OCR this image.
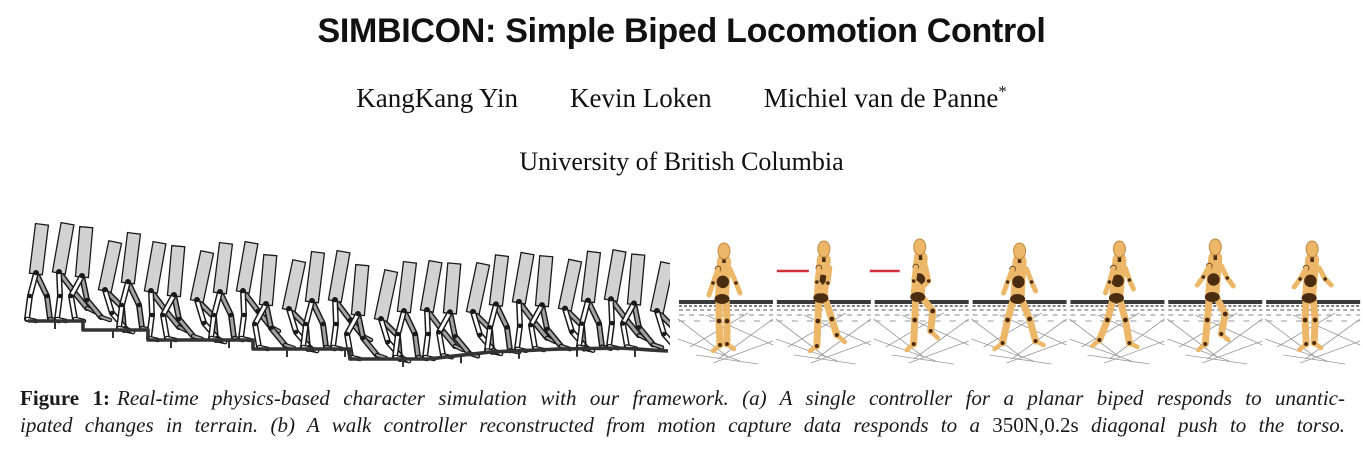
SIMBICON: Simple Biped Locomotion Control
KangKang Yin Kevin Loken Michiel van de Panne*
University of British Columbia
Figure 1: Real-time physics-based character simulation with our framework. (a) A single controller for a planar biped responds to unantic-
ipated changes in terrain. (b) A walk controller reconstructed from motion capture data responds to a 350N,0.2s diagonal push to the torso.
